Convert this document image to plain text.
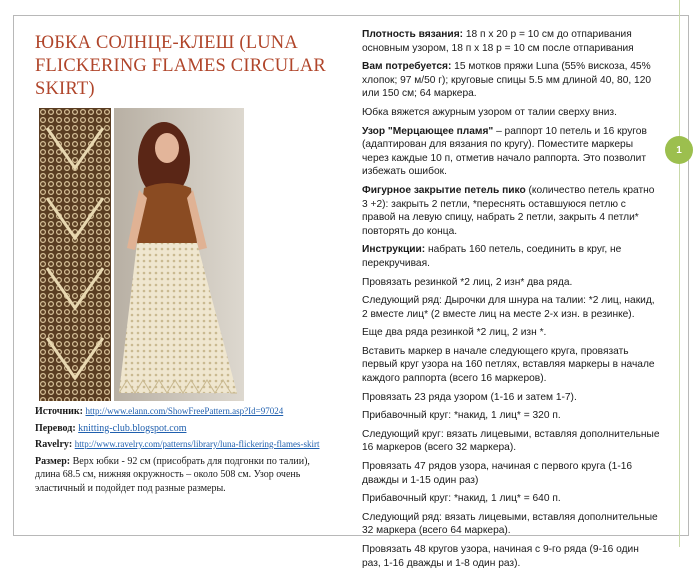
1
ЮБКА СОЛНЦЕ-КЛЕШ (LUNA FLICKERING FLAMES CIRCULAR SKIRT)

Источник: http://www.elann.com/ShowFreePattern.asp?Id=97024

Перевод: knitting-club.blogspot.com

Ravelry: http://www.ravelry.com/patterns/library/luna-flickering-flames-skirt

Размер: Верх юбки - 92 см (присобрать для подгонки по талии), длина 68.5 см, нижняя окружность – около 508 см. Узор очень эластичный и подойдет под разные размеры.

Плотность вязания: 18 п х 20 р = 10 см до отпаривания основным узором, 18 п х 18 р = 10 см после отпаривания

Вам потребуется: 15 мотков пряжи Luna (55% вискоза, 45% хлопок; 97 м/50 г); круговые спицы 5.5 мм длиной 40, 80, 120 или 150 см; 64 маркера.

Юбка вяжется ажурным узором от талии сверху вниз.

Узор "Мерцающее пламя" – раппорт 10 петель и 16 кругов (адаптирован для вязания по кругу). Поместите маркеры через каждые 10 п, отметив начало раппорта. Это позволит избежать ошибок.

Фигурное закрытие петель пико (количество петель кратно 3 +2): закрыть 2 петли, *переснять оставшуюся петлю с правой на левую спицу, набрать 2 петли, закрыть 4 петли* повторять до конца.

Инструкции: набрать 160 петель, соединить в круг, не перекручивая.

Провязать резинкой *2 лиц, 2 изн* два ряда.

Следующий ряд: Дырочки для шнура на талии: *2 лиц, накид, 2 вместе лиц* (2 вместе лиц на месте 2-х изн. в резинке).

Еще два ряда резинкой *2 лиц, 2 изн *.

Вставить маркер в начале следующего круга, провязать первый круг узора на 160 петлях, вставляя маркеры в начале каждого раппорта (всего 16 маркеров).

Провязать 23 ряда узором (1-16 и затем 1-7).

Прибавочный круг: *накид, 1 лиц* = 320 п.

Следующий круг: вязать лицевыми, вставляя дополнительные 16 маркеров (всего 32 маркера).

Провязать 47 рядов узора, начиная с первого круга (1-16 дважды и 1-15 один раз)

Прибавочный круг: *накид, 1 лиц* = 640 п.

Следующий ряд: вязать лицевыми, вставляя дополнительные 32 маркера (всего 64 маркера).

Провязать 48 кругов узора, начиная с 9-го ряда (9-16 один раз, 1-16 дважды и 1-8 один раз).
